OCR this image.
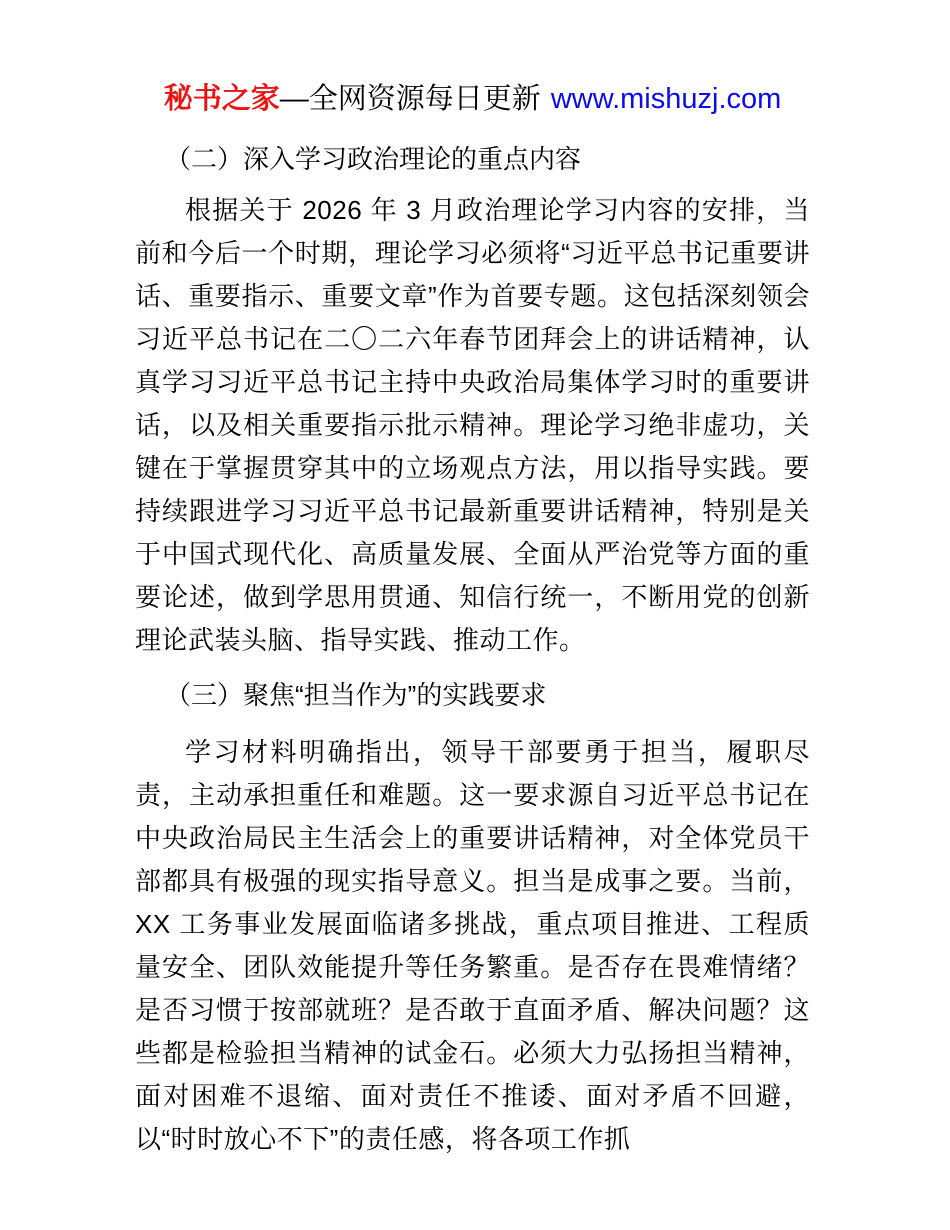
秘书之家—全网资源每日更新 www.mishuzj.com
（二）深入学习政治理论的重点内容

根据关于 2026 年 3 月政治理论学习内容的安排，当前和今后一个时期，理论学习必须将“习近平总书记重要讲话、重要指示、重要文章”作为首要专题。这包括深刻领会习近平总书记在二〇二六年春节团拜会上的讲话精神，认真学习习近平总书记主持中央政治局集体学习时的重要讲话，以及相关重要指示批示精神。理论学习绝非虚功，关键在于掌握贯穿其中的立场观点方法，用以指导实践。要持续跟进学习习近平总书记最新重要讲话精神，特别是关于中国式现代化、高质量发展、全面从严治党等方面的重要论述，做到学思用贯通、知信行统一，不断用党的创新理论武装头脑、指导实践、推动工作。

（三）聚焦“担当作为”的实践要求

学习材料明确指出，领导干部要勇于担当，履职尽责，主动承担重任和难题。这一要求源自习近平总书记在中央政治局民主生活会上的重要讲话精神，对全体党员干部都具有极强的现实指导意义。担当是成事之要。当前，XX 工务事业发展面临诸多挑战，重点项目推进、工程质量安全、团队效能提升等任务繁重。是否存在畏难情绪？是否习惯于按部就班？是否敢于直面矛盾、解决问题？这些都是检验担当精神的试金石。必须大力弘扬担当精神，面对困难不退缩、面对责任不推诿、面对矛盾不回避，以“时时放心不下”的责任感，将各项工作抓
